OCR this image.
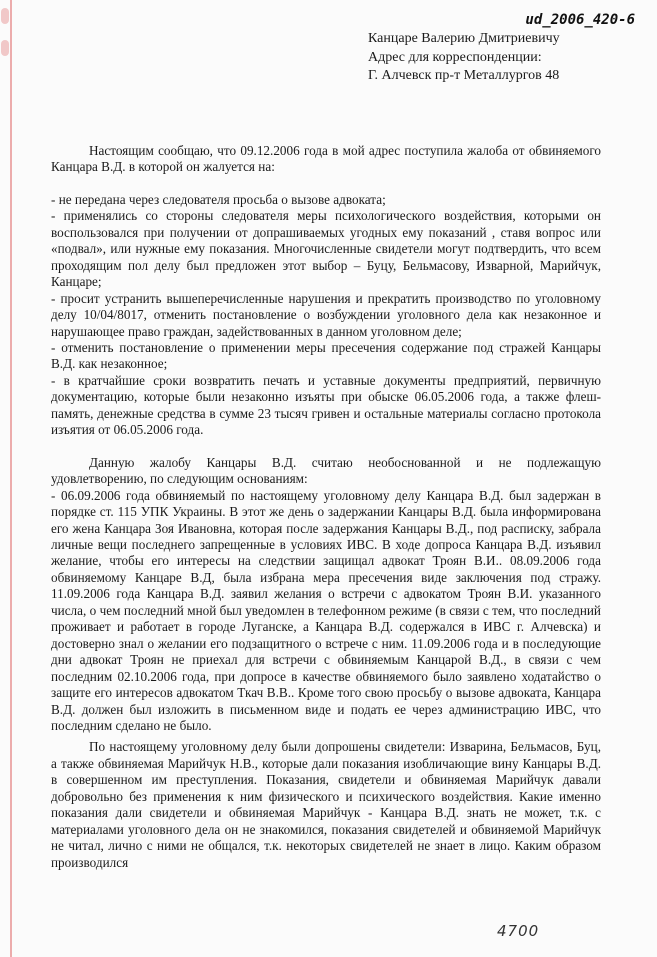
ud_2006_420-6
Канцаре Валерию Дмитриевичу
Адрес для корреспонденции:
Г. Алчевск пр-т Металлургов 48

Настоящим сообщаю, что 09.12.2006 года в мой адрес поступила жалоба от обвиняемого Канцара В.Д. в которой он жалуется на:

- не передана через следователя просьба о вызове адвоката;

- применялись со стороны следователя меры психологического воздействия, которыми он воспользовался при получении от допрашиваемых угодных ему показаний , ставя вопрос или «подвал», или нужные ему показания. Многочисленные свидетели могут подтвердить, что всем проходящим пол делу был предложен этот выбор – Буцу, Бельмасову, Изварной, Марийчук, Канцаре;

- просит устранить вышеперечисленные нарушения и прекратить производство по уголовному делу 10/04/8017, отменить постановление о возбуждении уголовного дела как незаконное и нарушающее право граждан, задействованных в данном уголовном деле;

- отменить постановление о применении меры пресечения содержание под стражей Канцары В.Д. как незаконное;

- в кратчайшие сроки возвратить печать и уставные документы предприятий, первичную документацию, которые были незаконно изъяты при обыске 06.05.2006 года, а также флеш-память, денежные средства в сумме 23 тысяч гривен и остальные материалы согласно протокола изъятия от 06.05.2006 года.

Данную жалобу Канцары В.Д. считаю необоснованной и не подлежащую удовлетворению, по следующим основаниям:

- 06.09.2006 года обвиняемый по настоящему уголовному делу Канцара В.Д. был задержан в порядке ст. 115 УПК Украины. В этот же день о задержании Канцары В.Д. была информирована его жена Канцара Зоя Ивановна, которая после задержания Канцары В.Д., под расписку, забрала личные вещи последнего запрещенные в условиях ИВС. В ходе допроса Канцара В.Д. изъявил желание, чтобы его интересы на следствии защищал адвокат Троян В.И.. 08.09.2006 года обвиняемому Канцаре В.Д, была избрана мера пресечения виде заключения под стражу. 11.09.2006 года Канцара В.Д. заявил желания о встречи с адвокатом Троян В.И. указанного числа, о чем последний мной был уведомлен в телефонном режиме (в связи с тем, что последний проживает и работает в городе Луганске, а Канцара В.Д. содержался в ИВС г. Алчевска) и достоверно знал о желании его подзащитного о встрече с ним. 11.09.2006 года и в последующие дни адвокат Троян не приехал для встречи с обвиняемым Канцарой В.Д., в связи с чем последним 02.10.2006 года, при допросе в качестве обвиняемого было заявлено ходатайство о защите его интересов адвокатом Ткач В.В.. Кроме того свою просьбу о вызове адвоката, Канцара В.Д. должен был изложить в письменном виде и подать ее через администрацию ИВС, что последним сделано не было.

По настоящему уголовному делу были допрошены свидетели: Изварина, Бельмасов, Буц, а также обвиняемая Марийчук Н.В., которые дали показания изобличающие вину Канцары В.Д. в совершенном им преступления. Показания, свидетели и обвиняемая Марийчук давали добровольно без применения к ним физического и психического воздействия. Какие именно показания дали свидетели и обвиняемая Марийчук - Канцара В.Д. знать не может, т.к. с материалами уголовного дела он не знакомился, показания свидетелей и обвиняемой Марийчук не читал, лично с ними не общался, т.к. некоторых свидетелей не знает в лицо. Каким образом производился

4700
